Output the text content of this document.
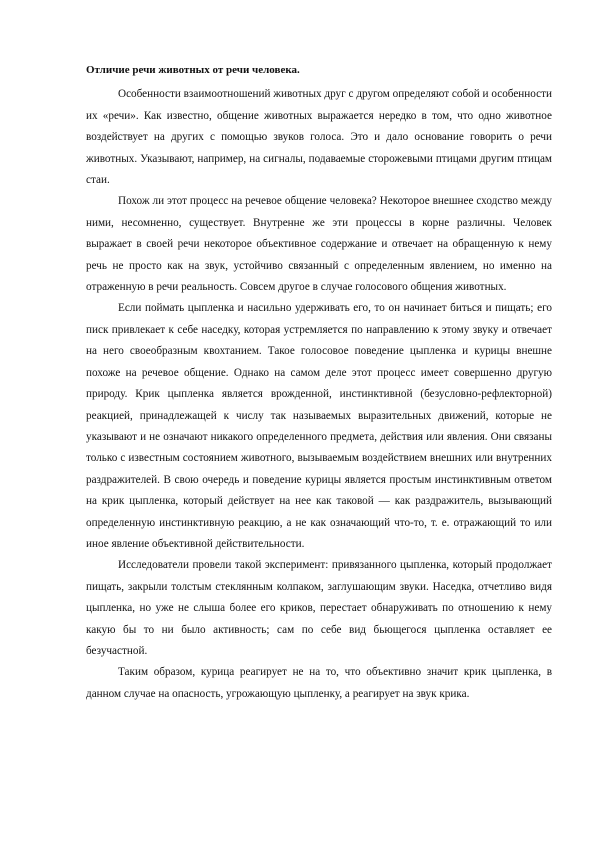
Отличие речи животных от речи человека.

Особенности взаимоотношений животных друг с другом определяют собой и особенности их «речи». Как известно, общение животных выражается нередко в том, что одно животное воздействует на других с помощью звуков голоса. Это и дало основание говорить о речи животных. Указывают, например, на сигналы, подаваемые сторожевыми птицами другим птицам стаи.

Похож ли этот процесс на речевое общение человека? Некоторое внешнее сходство между ними, несомненно, существует. Внутренне же эти процессы в корне различны. Человек выражает в своей речи некоторое объективное содержание и отвечает на обращенную к нему речь не просто как на звук, устойчиво связанный с определенным явлением, но именно на отраженную в речи реальность. Совсем другое в случае голосового общения животных.

Если поймать цыпленка и насильно удерживать его, то он начинает биться и пищать; его писк привлекает к себе наседку, которая устремляется по направлению к этому звуку и отвечает на него своеобразным квохтанием. Такое голосовое поведение цыпленка и курицы внешне похоже на речевое общение. Однако на самом деле этот процесс имеет совершенно другую природу. Крик цыпленка является врожденной, инстинктивной (безусловно-рефлекторной) реакцией, принадлежащей к числу так называемых выразительных движений, которые не указывают и не означают никакого определенного предмета, действия или явления. Они связаны только с известным состоянием животного, вызываемым воздействием внешних или внутренних раздражителей. В свою очередь и поведение курицы является простым инстинктивным ответом на крик цыпленка, который действует на нее как таковой — как раздражитель, вызывающий определенную инстинктивную реакцию, а не как означающий что-то, т. е. отражающий то или иное явление объективной действительности.

Исследователи провели такой эксперимент: привязанного цыпленка, который продолжает пищать, закрыли толстым стеклянным колпаком, заглушающим звуки. Наседка, отчетливо видя цыпленка, но уже не слыша более его криков, перестает обнаруживать по отношению к нему какую бы то ни было активность; сам по себе вид бьющегося цыпленка оставляет ее безучастной.

Таким образом, курица реагирует не на то, что объективно значит крик цыпленка, в данном случае на опасность, угрожающую цыпленку, а реагирует на звук крика.
